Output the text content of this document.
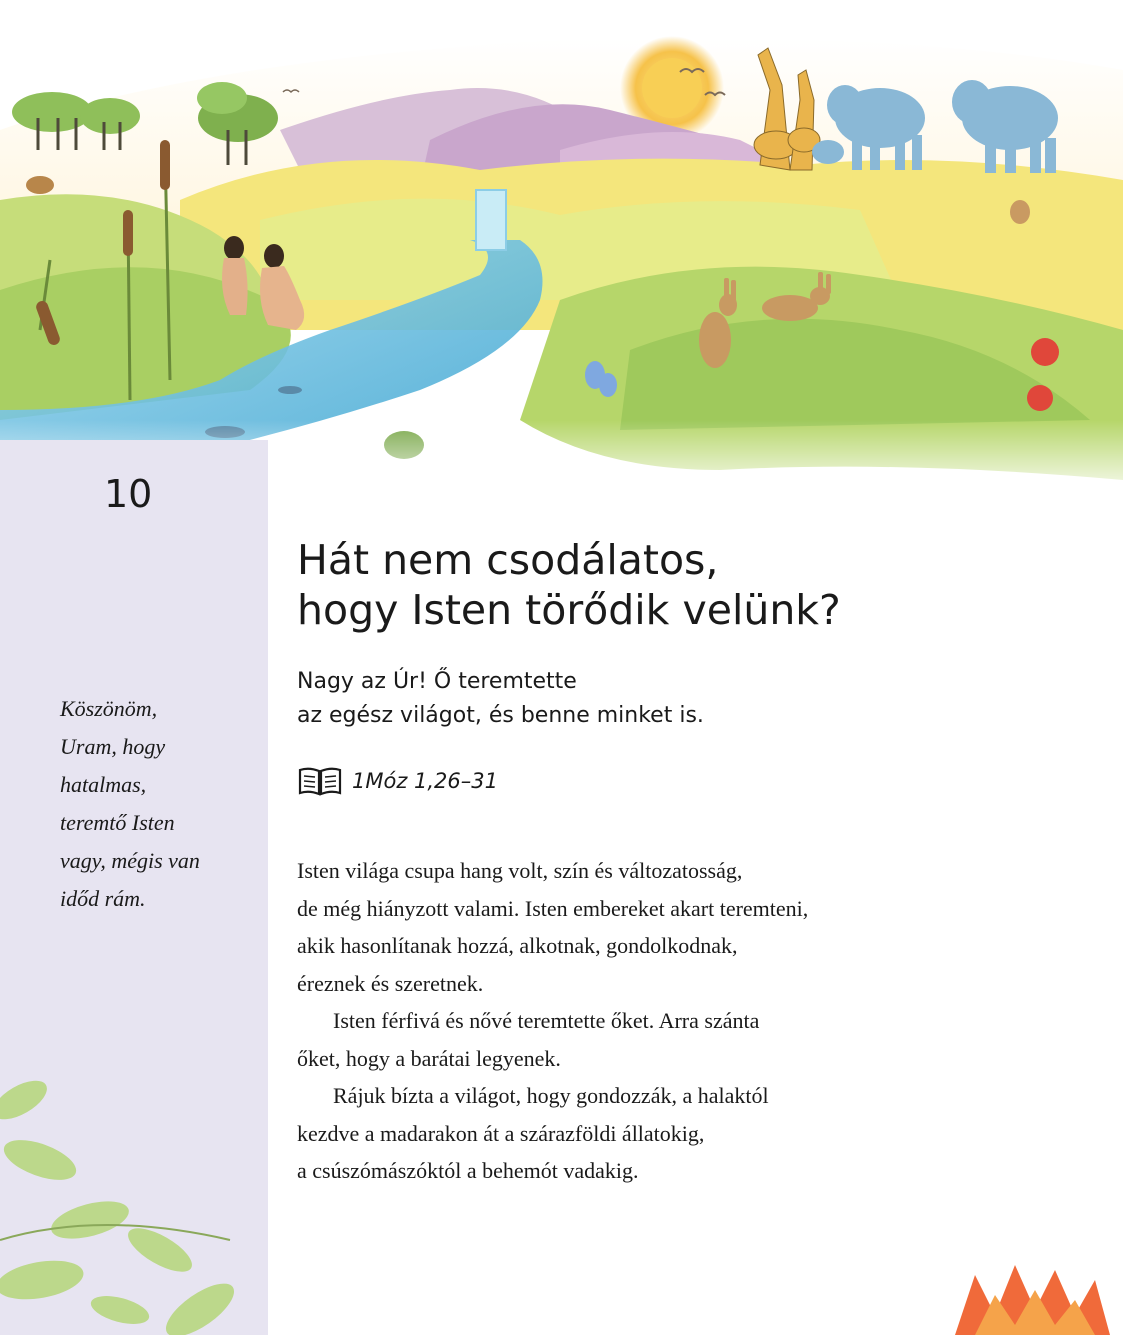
10
Köszönöm,
Uram, hogy
hatalmas,
teremtő Isten
vagy, mégis van
időd rám.
Hát nem csodálatos,
hogy Isten törődik velünk?
Nagy az Úr! Ő teremtette
az egész világot, és benne minket is.
1Móz 1,26–31
Isten világa csupa hang volt, szín és változatosság,
de még hiányzott valami. Isten embereket akart teremteni,
akik hasonlítanak hozzá, alkotnak, gondolkodnak,
éreznek és szeretnek.
Isten férfivá és nővé teremtette őket. Arra szánta
őket, hogy a barátai legyenek.
Rájuk bízta a világot, hogy gondozzák, a halaktól
kezdve a madarakon át a szárazföldi állatokig,
a csúszómászóktól a behemót vadakig.
